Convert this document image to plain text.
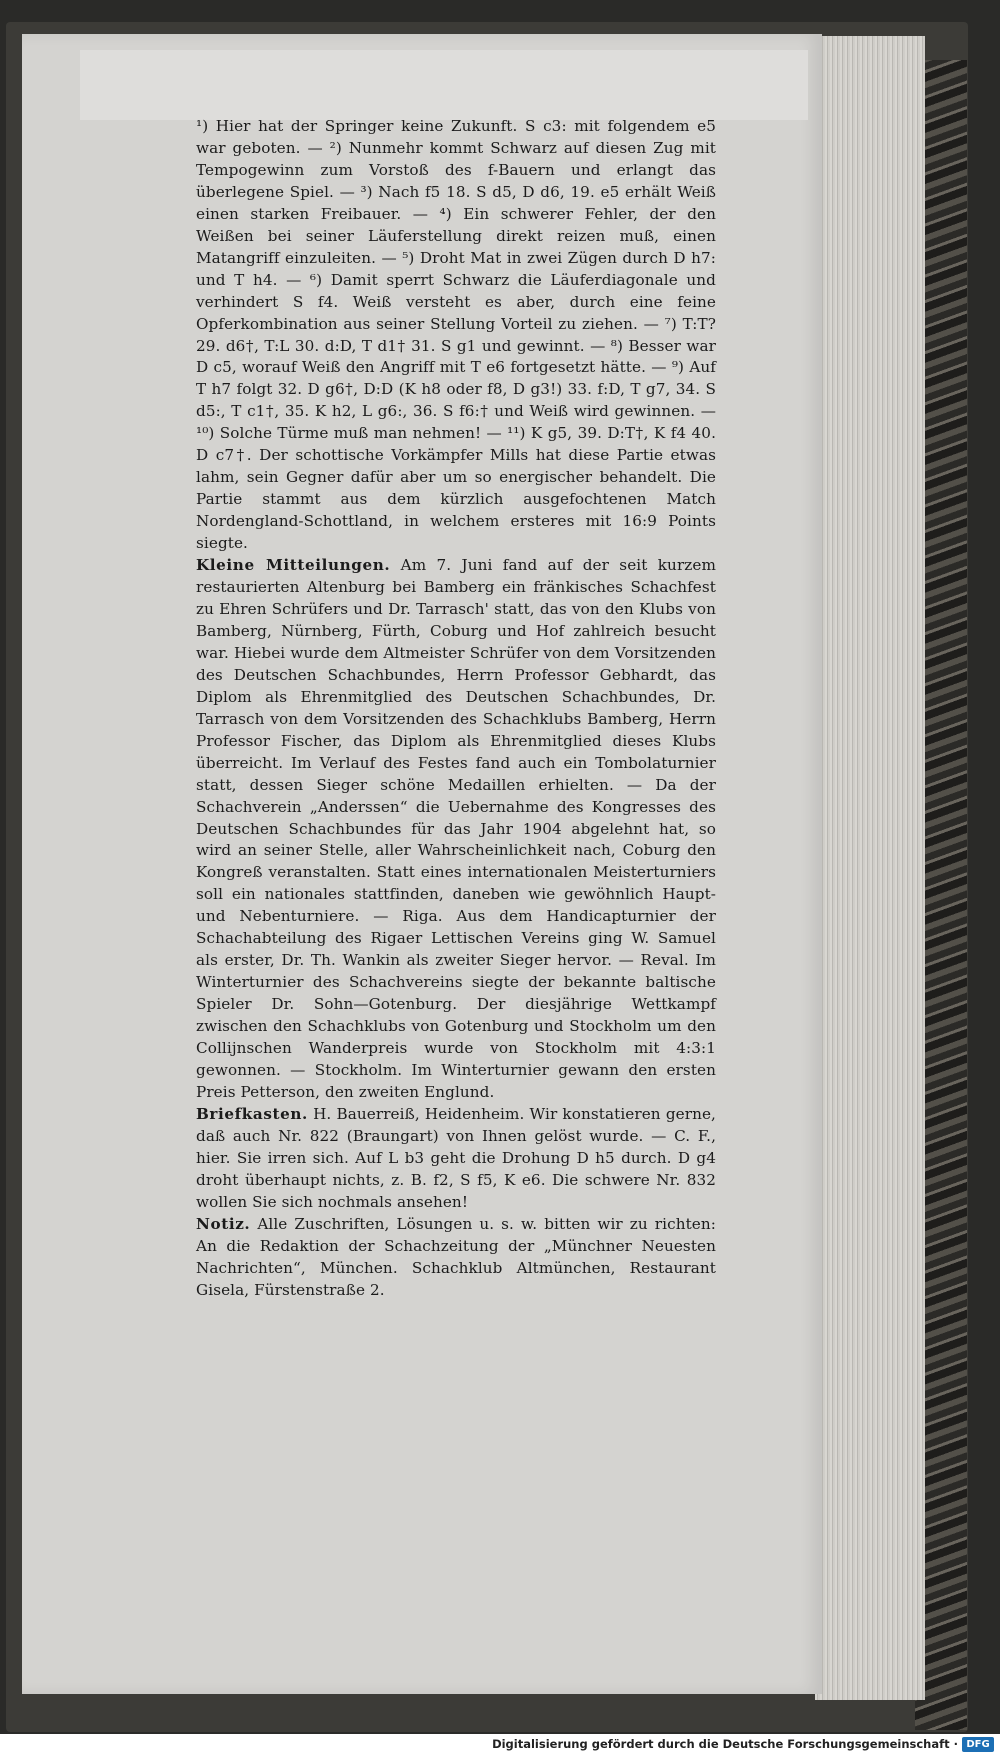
¹) Hier hat der Springer keine Zukunft. S c3: mit folgendem e5 war geboten. — ²) Nunmehr kommt Schwarz auf diesen Zug mit Tempogewinn zum Vorstoß des f-Bauern und erlangt das überlegene Spiel. — ³) Nach f5 18. S d5, D d6, 19. e5 erhält Weiß einen starken Freibauer. — ⁴) Ein schwerer Fehler, der den Weißen bei seiner Läuferstellung direkt reizen muß, einen Matangriff einzuleiten. — ⁵) Droht Mat in zwei Zügen durch D h7: und T h4. — ⁶) Damit sperrt Schwarz die Läuferdiagonale und verhindert S f4. Weiß versteht es aber, durch eine feine Opferkombination aus seiner Stellung Vorteil zu ziehen. — ⁷) T:T? 29. d6†, T:L 30. d:D, T d1† 31. S g1 und gewinnt. — ⁸) Besser war D c5, worauf Weiß den Angriff mit T e6 fortgesetzt hätte. — ⁹) Auf T h7 folgt 32. D g6†, D:D (K h8 oder f8, D g3!) 33. f:D, T g7, 34. S d5:, T c1†, 35. K h2, L g6:, 36. S f6:† und Weiß wird gewinnen. — ¹⁰) Solche Türme muß man nehmen! — ¹¹) K g5, 39. D:T†, K f4 40. D c7†. Der schottische Vorkämpfer Mills hat diese Partie etwas lahm, sein Gegner dafür aber um so energischer behandelt. Die Partie stammt aus dem kürzlich ausgefochtenen Match Nordengland-Schottland, in welchem ersteres mit 16:9 Points siegte.

Kleine Mitteilungen. Am 7. Juni fand auf der seit kurzem restaurierten Altenburg bei Bamberg ein fränkisches Schachfest zu Ehren Schrüfers und Dr. Tarrasch' statt, das von den Klubs von Bamberg, Nürnberg, Fürth, Coburg und Hof zahlreich besucht war. Hiebei wurde dem Altmeister Schrüfer von dem Vorsitzenden des Deutschen Schachbundes, Herrn Professor Gebhardt, das Diplom als Ehrenmitglied des Deutschen Schachbundes, Dr. Tarrasch von dem Vorsitzenden des Schachklubs Bamberg, Herrn Professor Fischer, das Diplom als Ehrenmitglied dieses Klubs überreicht. Im Verlauf des Festes fand auch ein Tombolaturnier statt, dessen Sieger schöne Medaillen erhielten. — Da der Schachverein „Anderssen“ die Uebernahme des Kongresses des Deutschen Schachbundes für das Jahr 1904 abgelehnt hat, so wird an seiner Stelle, aller Wahrscheinlichkeit nach, Coburg den Kongreß veranstalten. Statt eines internationalen Meisterturniers soll ein nationales stattfinden, daneben wie gewöhnlich Haupt- und Nebenturniere. — Riga. Aus dem Handicapturnier der Schachabteilung des Rigaer Lettischen Vereins ging W. Samuel als erster, Dr. Th. Wankin als zweiter Sieger hervor. — Reval. Im Winterturnier des Schachvereins siegte der bekannte baltische Spieler Dr. Sohn—Gotenburg. Der diesjährige Wettkampf zwischen den Schachklubs von Gotenburg und Stockholm um den Collijnschen Wanderpreis wurde von Stockholm mit 4:3:1 gewonnen. — Stockholm. Im Winterturnier gewann den ersten Preis Petterson, den zweiten Englund.

Briefkasten. H. Bauerreiß, Heidenheim. Wir konstatieren gerne, daß auch Nr. 822 (Braungart) von Ihnen gelöst wurde. — C. F., hier. Sie irren sich. Auf L b3 geht die Drohung D h5 durch. D g4 droht überhaupt nichts, z. B. f2, S f5, K e6. Die schwere Nr. 832 wollen Sie sich nochmals ansehen!

Notiz. Alle Zuschriften, Lösungen u. s. w. bitten wir zu richten: An die Redaktion der Schachzeitung der „Münchner Neuesten Nachrichten“, München. Schachklub Altmünchen, Restaurant Gisela, Fürstenstraße 2.

Digitalisierung gefördert durch die Deutsche Forschungsgemeinschaft · DFG
